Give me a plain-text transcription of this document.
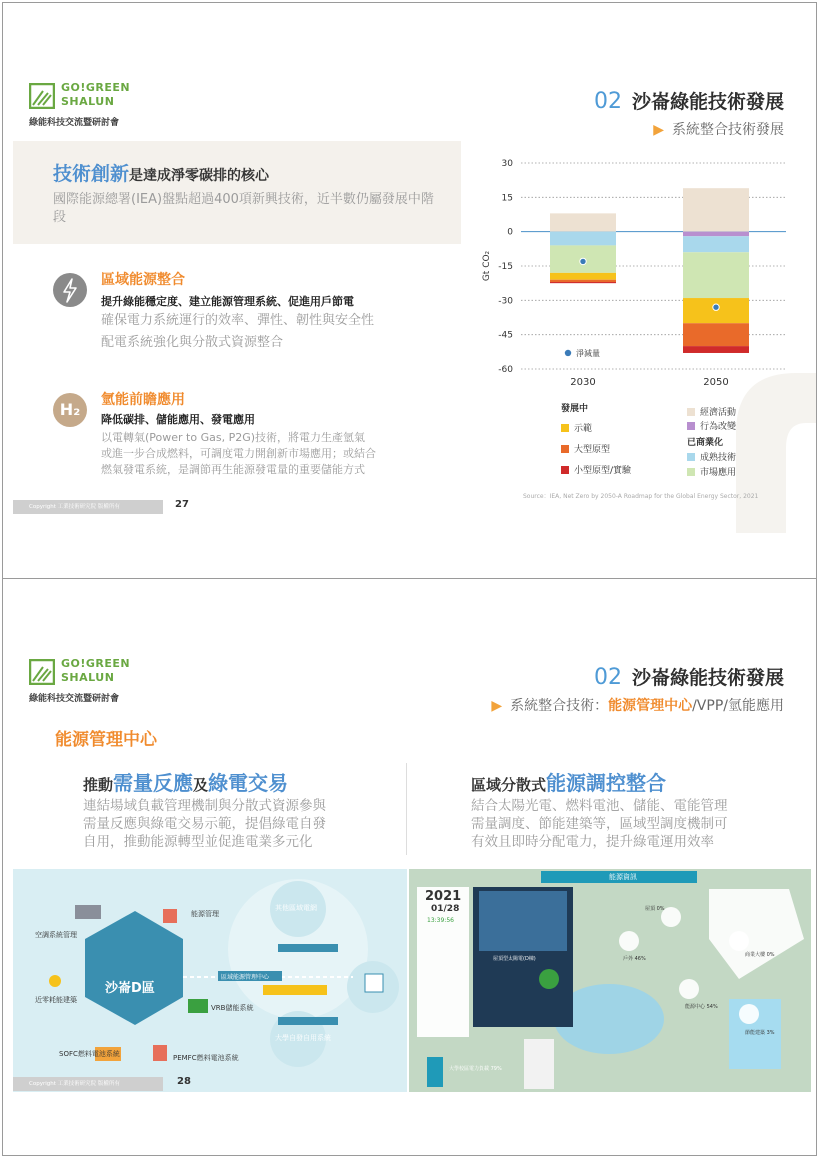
GO!GREEN
SHALUN
綠能科技交流暨研討會
02 沙崙綠能技術發展
▶ 系統整合技術發展
技術創新是達成淨零碳排的核心
國際能源總署(IEA)盤點超過400項新興技術，近半數仍屬發展中階段
區域能源整合
提升綠能穩定度、建立能源管理系統、促進用戶節電
確保電力系統運行的效率、彈性、韌性與安全性
配電系統強化與分散式資源整合
H₂	氫能前瞻應用
降低碳排、儲能應用、發電應用
以電轉氣(Power to Gas, P2G)技術，將電力生產氫氣
或進一步合成燃料，可調度電力開創新市場應用；或結合
燃氣發電系統，是調節再生能源發電量的重要儲能方式
Copyright 工業技術研究院 版權所有	27
Gt CO₂
30
15
0
-15
-30
-45
-60
2030	2050
淨減量
發展中
示範
大型原型
小型原型/實驗
經濟活動
行為改變
已商業化
成熟技術
市場應用
Source：IEA, Net Zero by 2050-A Roadmap for the Global Energy Sector, 2021
GO!GREEN
SHALUN
綠能科技交流暨研討會
02 沙崙綠能技術發展
▶ 系統整合技術：能源管理中心/VPP/氫能應用
能源管理中心
推動需量反應及綠電交易
連結場域負載管理機制與分散式資源參與
需量反應與綠電交易示範，提倡綠電自發
自用，推動能源轉型並促進電業多元化
區域分散式能源調控整合
結合太陽光電、燃料電池、儲能、電能管理
需量調度、節能建築等，區域型調度機制可
有效且即時分配電力，提升綠電運用效率
沙崙D區
空調系統管理
能源管理
近零耗能建築
VRB儲能系統
SOFC燃料電池系統	PEMFC燃料電池系統
其他區域電網
區域能源管理中心
大學自發自用系統
Copyright 工業技術研究院 版權所有	28
能源資訊
2021
01/28
13:39:56
屋頂型太陽電(D棟)
屋頂 0%
戶外 46%
商業大樓 0%
能源中心 54%
節能建築 3%
大學校區電力負載 79%
